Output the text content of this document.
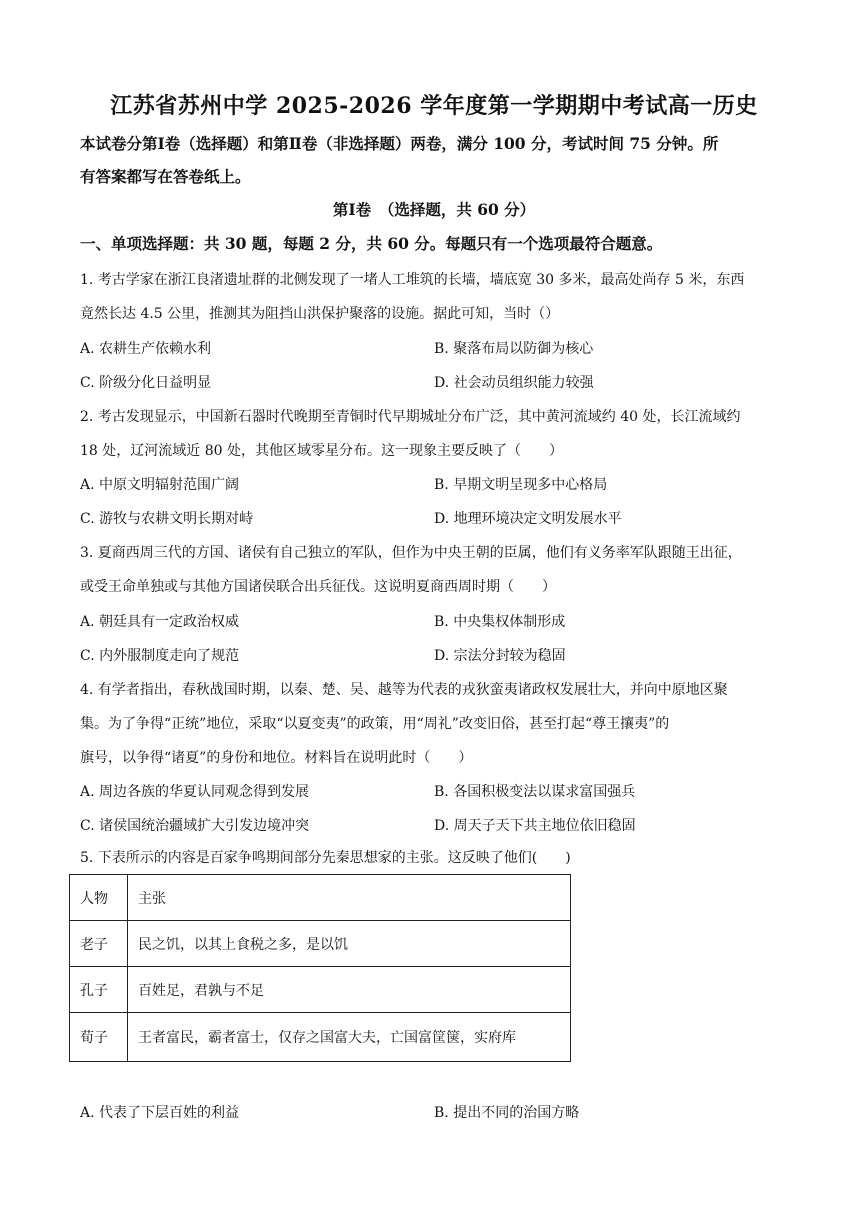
江苏省苏州中学 2025-2026 学年度第一学期期中考试高一历史
本试卷分第Ⅰ卷（选择题）和第Ⅱ卷（非选择题）两卷，满分 100 分，考试时间 75 分钟。所
有答案都写在答卷纸上。
第Ⅰ卷　（选择题，共 60 分）
一、单项选择题：共 30 题，每题 2 分，共 60 分。每题只有一个选项最符合题意。
1. 考古学家在浙江良渚遗址群的北侧发现了一堵人工堆筑的长墙，墙底宽 30 多米，最高处尚存 5 米，东西
竟然长达 4.5 公里，推测其为阻挡山洪保护聚落的设施。据此可知，当时（）
A. 农耕生产依赖水利	B. 聚落布局以防御为核心
C. 阶级分化日益明显	D. 社会动员组织能力较强
2. 考古发现显示，中国新石器时代晚期至青铜时代早期城址分布广泛，其中黄河流域约 40 处，长江流域约
18 处，辽河流域近 80 处，其他区域零星分布。这一现象主要反映了（　　）
A. 中原文明辐射范围广阔	B. 早期文明呈现多中心格局
C. 游牧与农耕文明长期对峙	D. 地理环境决定文明发展水平
3. 夏商西周三代的方国、诸侯有自己独立的军队，但作为中央王朝的臣属，他们有义务率军队跟随王出征，
或受王命单独或与其他方国诸侯联合出兵征伐。这说明夏商西周时期（　　）
A. 朝廷具有一定政治权威	B. 中央集权体制形成
C. 内外服制度走向了规范	D. 宗法分封较为稳固
4. 有学者指出，春秋战国时期，以秦、楚、吴、越等为代表的戎狄蛮夷诸政权发展壮大，并向中原地区聚
集。为了争得“正统”地位，采取“以夏变夷”的政策，用“周礼”改变旧俗，甚至打起“尊王攘夷”的
旗号，以争得“诸夏”的身份和地位。材料旨在说明此时（　　）
A. 周边各族的华夏认同观念得到发展	B. 各国积极变法以谋求富国强兵
C. 诸侯国统治疆域扩大引发边境冲突	D. 周天子天下共主地位依旧稳固
5. 下表所示的内容是百家争鸣期间部分先秦思想家的主张。这反映了他们(　　)
人物	主张
老子	民之饥，以其上食税之多，是以饥
孔子	百姓足，君孰与不足
荀子	王者富民，霸者富士，仅存之国富大夫，亡国富筐箧，实府库
A. 代表了下层百姓的利益	B. 提出不同的治国方略
